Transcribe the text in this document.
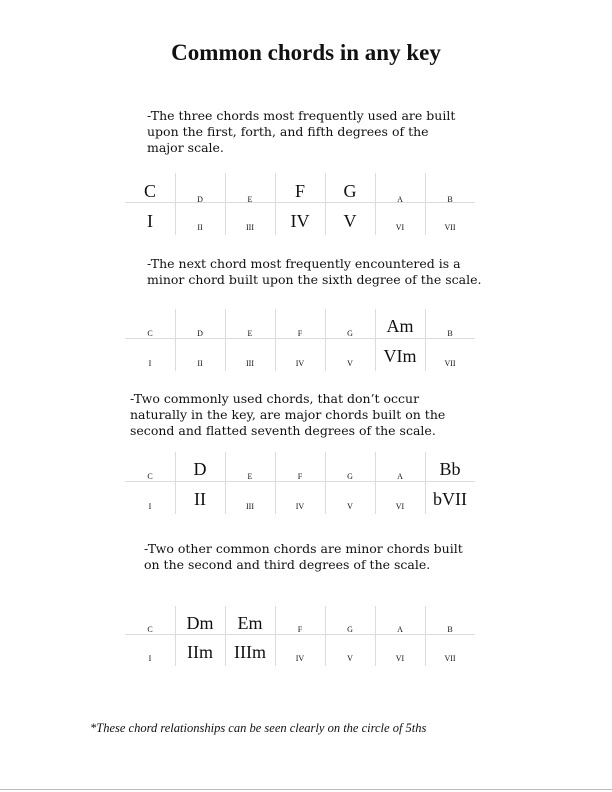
Common chords in any key
-The three chords most frequently used are built
upon the first, forth, and fifth degrees of the
major scale.
C
I
D
II
E
III
F
IV
G
V
A
VI
B
VII
-The next chord most frequently encountered is a
minor chord built upon the sixth degree of the scale.
C
I
D
II
E
III
F
IV
G
V
Am
VIm
B
VII
-Two commonly used chords, that don’t occur
naturally in the key, are major chords built on the
second and flatted seventh degrees of the scale.
C
I
D
II
E
III
F
IV
G
V
A
VI
Bb
bVII
-Two other common chords are minor chords built
on the second and third degrees of the scale.
C
I
Dm
IIm
Em
IIIm
F
IV
G
V
A
VI
B
VII
*These chord relationships can be seen clearly on the circle of 5ths
